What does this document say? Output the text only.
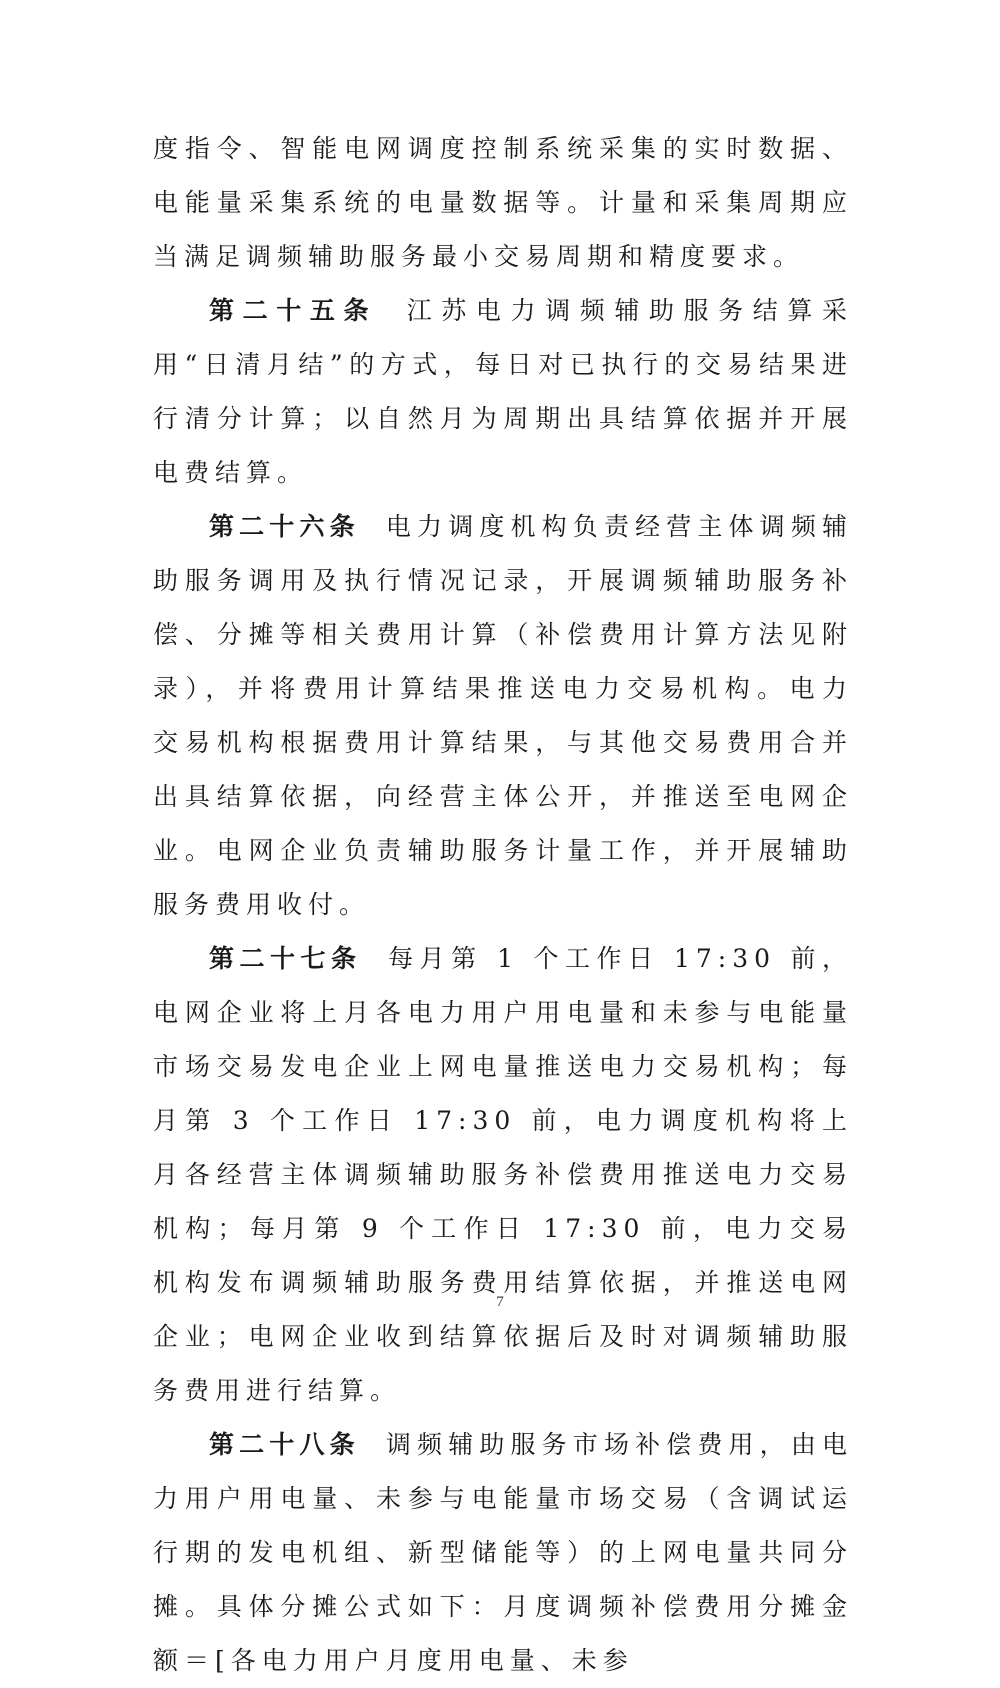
度指令、智能电网调度控制系统采集的实时数据、电能量采集系统的电量数据等。计量和采集周期应当满足调频辅助服务最小交易周期和精度要求。

第二十五条 江苏电力调频辅助服务结算采用“日清月结”的方式，每日对已执行的交易结果进行清分计算；以自然月为周期出具结算依据并开展电费结算。

第二十六条 电力调度机构负责经营主体调频辅助服务调用及执行情况记录，开展调频辅助服务补偿、分摊等相关费用计算（补偿费用计算方法见附录），并将费用计算结果推送电力交易机构。电力交易机构根据费用计算结果，与其他交易费用合并出具结算依据，向经营主体公开，并推送至电网企业。电网企业负责辅助服务计量工作，并开展辅助服务费用收付。

第二十七条 每月第 1 个工作日 17:30 前，电网企业将上月各电力用户用电量和未参与电能量市场交易发电企业上网电量推送电力交易机构；每月第 3 个工作日 17:30 前，电力调度机构将上月各经营主体调频辅助服务补偿费用推送电力交易机构；每月第 9 个工作日 17:30 前，电力交易机构发布调频辅助服务费用结算依据，并推送电网企业；电网企业收到结算依据后及时对调频辅助服务费用进行结算。

第二十八条 调频辅助服务市场补偿费用，由电力用户用电量、未参与电能量市场交易（含调试运行期的发电机组、新型储能等）的上网电量共同分摊。具体分摊公式如下：月度调频补偿费用分摊金额＝[各电力用户月度用电量、未参

7
